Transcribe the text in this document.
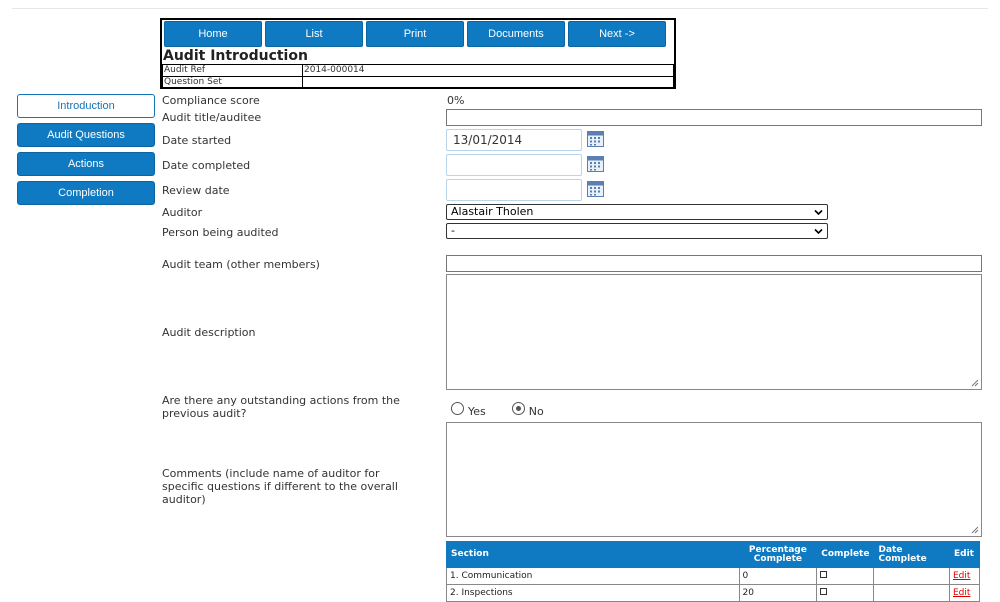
Home	List	Print	Documents	Next ->
Audit Introduction
Audit Ref	2014-000014
Question Set	
Introduction
Audit Questions
Actions
Completion
Compliance score	0%
Audit title/auditee
Date started	13/01/2014
Date completed
Review date
Auditor	Alastair Tholen
Person being audited	-
Audit team (other members)
Audit description
Are there any outstanding actions from the previous audit?	Yes	No
Comments (include name of auditor for specific questions if different to the overall auditor)
Section	Percentage Complete	Complete	Date Complete	Edit
1. Communication	0			Edit
2. Inspections	20			Edit
